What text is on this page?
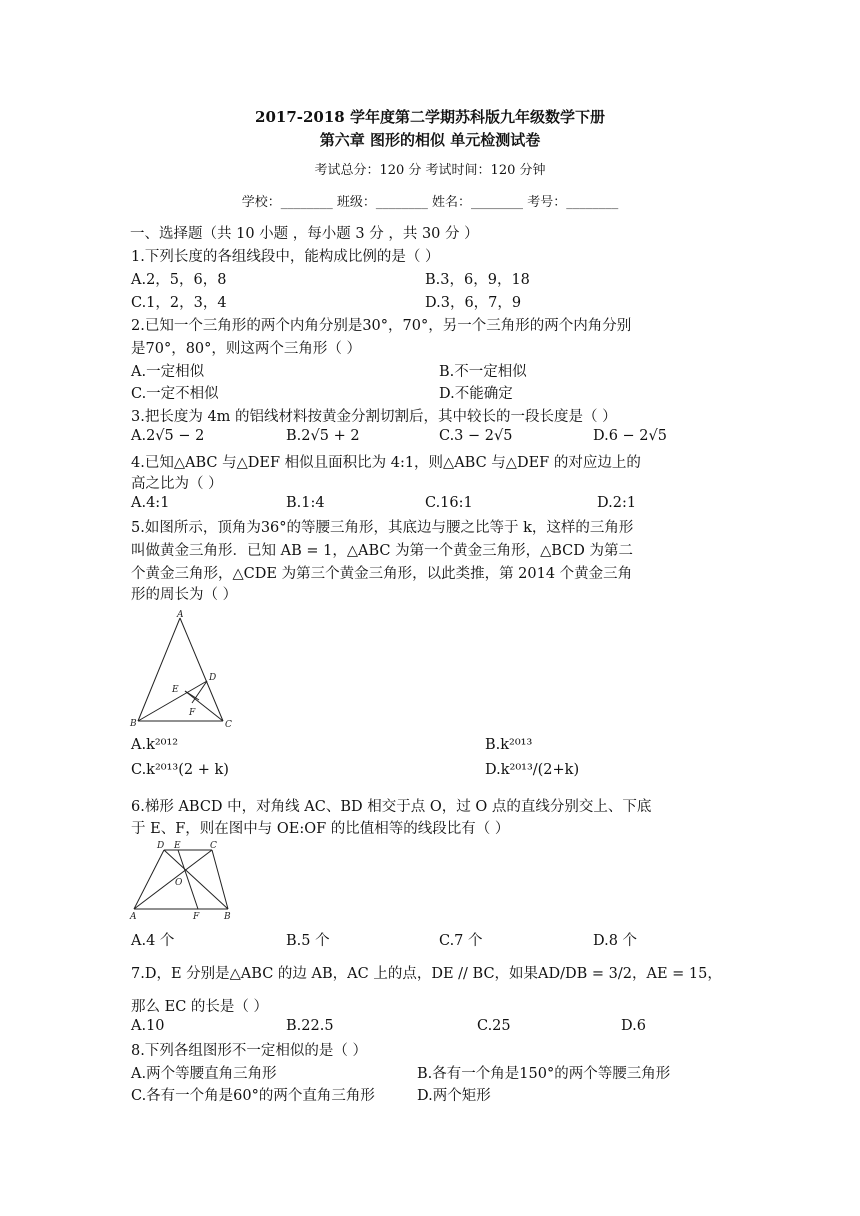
2017-2018 学年度第二学期苏科版九年级数学下册
第六章 图形的相似 单元检测试卷
考试总分：120 分 考试时间：120 分钟
学校：________ 班级：________ 姓名：________ 考号：________
一、选择题（共 10 小题 ，每小题 3 分 ，共 30 分 ）
1.下列长度的各组线段中，能构成比例的是（ ）
A.2，5，6，8	B.3，6，9，18
C.1，2，3，4	D.3，6，7，9
2.已知一个三角形的两个内角分别是30°，70°，另一个三角形的两个内角分别
是70°，80°，则这两个三角形（ ）
A.一定相似	B.不一定相似
C.一定不相似	D.不能确定
3.把长度为 4m 的铝线材料按黄金分割切割后，其中较长的一段长度是（ ）
A.2√5 − 2	B.2√5 + 2	C.3 − 2√5	D.6 − 2√5
4.已知△ABC 与△DEF 相似且面积比为 4:1，则△ABC 与△DEF 的对应边上的
高之比为（ ）
A.4:1	B.1:4	C.16:1	D.2:1
5.如图所示，顶角为36°的等腰三角形，其底边与腰之比等于 k，这样的三角形
叫做黄金三角形．已知 AB = 1，△ABC 为第一个黄金三角形，△BCD 为第二
个黄金三角形，△CDE 为第三个黄金三角形，以此类推，第 2014 个黄金三角
形的周长为（ ）
A
B	C
D
E
F
A.k²⁰¹²	B.k²⁰¹³
C.k²⁰¹³(2 + k)	D.k²⁰¹³/(2+k)
6.梯形 ABCD 中，对角线 AC、BD 相交于点 O，过 O 点的直线分别交上、下底
于 E、F，则在图中与 OE:OF 的比值相等的线段比有（ ）
D E	C
O
A	F	B
A.4 个	B.5 个	C.7 个	D.8 个
7.D，E 分别是△ABC 的边 AB，AC 上的点，DE // BC，如果AD/DB = 3/2，AE = 15，
那么 EC 的长是（ ）
A.10	B.22.5	C.25	D.6
8.下列各组图形不一定相似的是（ ）
A.两个等腰直角三角形	B.各有一个角是150°的两个等腰三角形
C.各有一个角是60°的两个直角三角形	D.两个矩形
